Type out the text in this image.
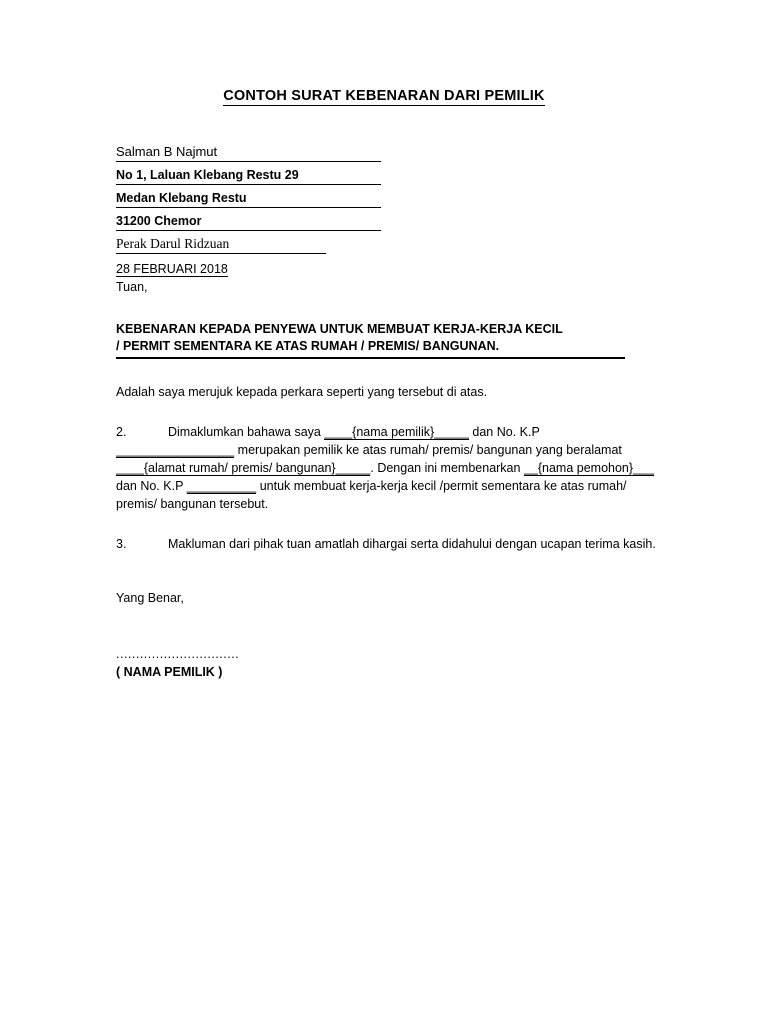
CONTOH SURAT KEBENARAN DARI PEMILIK
Salman B Najmut
No 1, Laluan Klebang Restu 29
Medan Klebang Restu
31200 Chemor
Perak Darul Ridzuan
28 FEBRUARI 2018
Tuan,
KEBENARAN KEPADA PENYEWA UNTUK MEMBUAT KERJA-KERJA KECIL
/ PERMIT SEMENTARA KE ATAS RUMAH / PREMIS/ BANGUNAN.
Adalah saya merujuk kepada perkara seperti yang tersebut di atas.
2.	Dimaklumkan bahawa saya ____{nama pemilik}_____ dan No. K.P _________________ merupakan pemilik ke atas rumah/ premis/ bangunan yang beralamat ____{alamat rumah/ premis/ bangunan}_____. Dengan ini membenarkan __{nama pemohon}___ dan No. K.P __________ untuk membuat kerja-kerja kecil /permit sementara ke atas rumah/ premis/ bangunan tersebut.
3.	Makluman dari pihak tuan amatlah dihargai serta didahului dengan ucapan terima kasih.
Yang Benar,
...............................
( NAMA PEMILIK )
